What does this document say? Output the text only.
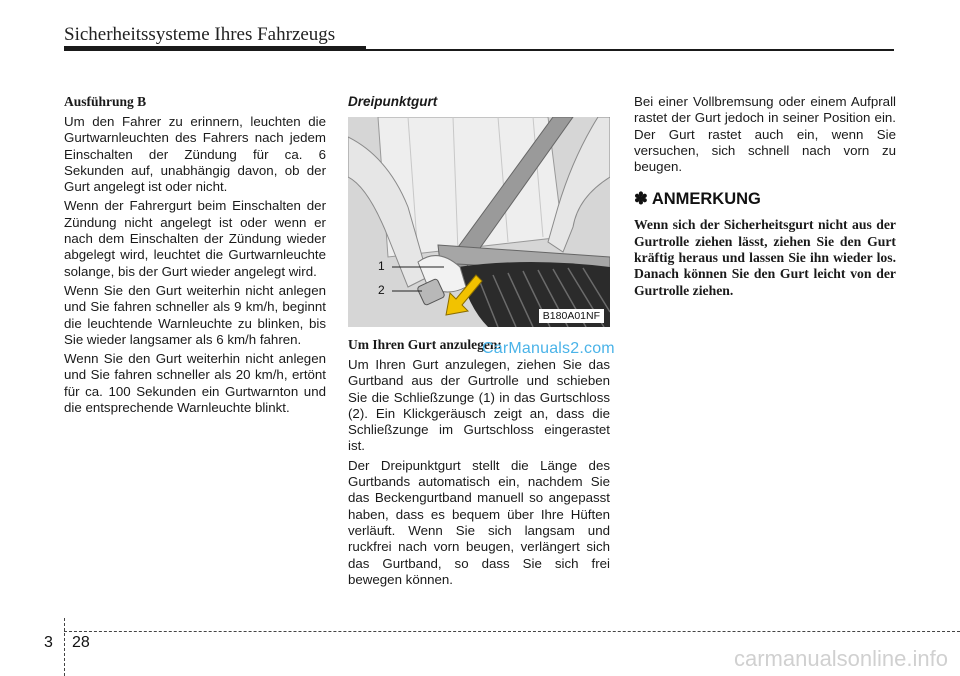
Sicherheitssysteme Ihres Fahrzeugs
Ausführung B

Um den Fahrer zu erinnern, leuchten die Gurtwarnleuchten des Fahrers nach jedem Einschalten der Zündung für ca. 6 Sekunden auf, unabhängig davon, ob der Gurt angelegt ist oder nicht.

Wenn der Fahrergurt beim Einschalten der Zündung nicht angelegt ist oder wenn er nach dem Einschalten der Zündung wieder abgelegt wird, leuchtet die Gurtwarnleuchte solange, bis der Gurt wieder angelegt wird.

Wenn Sie den Gurt weiterhin nicht anlegen und Sie fahren schneller als 9 km/h, beginnt die leuchtende Warnleuchte zu blinken, bis Sie wieder langsamer als 6 km/h fahren.

Wenn Sie den Gurt weiterhin nicht anlegen und Sie fahren schneller als 20 km/h, ertönt für ca. 100 Sekunden ein Gurtwarnton und die entsprechende Warnleuchte blinkt.

Dreipunktgurt
1
2
B180A01NF
Um Ihren Gurt anzulegen:

Um Ihren Gurt anzulegen, ziehen Sie das Gurtband aus der Gurtrolle und schieben Sie die Schließzunge (1) in das Gurtschloss (2). Ein Klickgeräusch zeigt an, dass die Schließzunge im Gurtschloss eingerastet ist.

Der Dreipunktgurt stellt die Länge des Gurtbands automatisch ein, nachdem Sie das Beckengurtband manuell so angepasst haben, dass es bequem über Ihre Hüften verläuft. Wenn Sie sich langsam und ruckfrei nach vorn beugen, verlängert sich das Gurtband, so dass Sie sich frei bewegen können.

Bei einer Vollbremsung oder einem Aufprall rastet der Gurt jedoch in seiner Position ein. Der Gurt rastet auch ein, wenn Sie versuchen, sich schnell nach vorn zu beugen.

✽ ANMERKUNG

Wenn sich der Sicherheitsgurt nicht aus der Gurtrolle ziehen lässt, ziehen Sie den Gurt kräftig heraus und lassen Sie ihn wieder los. Danach können Sie den Gurt leicht von der Gurtrolle ziehen.

CarManuals2.com
3 28
carmanualsonline.info
